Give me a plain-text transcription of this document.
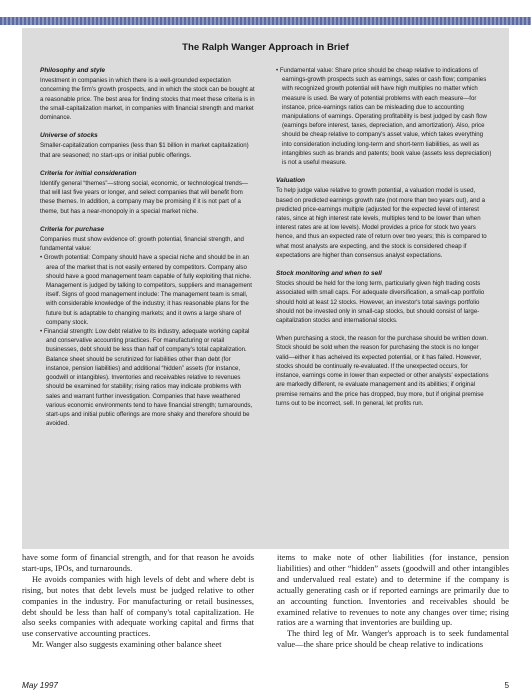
The Ralph Wanger Approach in Brief
Philosophy and style
Investment in companies in which there is a well-grounded expectation concerning the firm's growth prospects, and in which the stock can be bought at a reasonable price. The best area for finding stocks that meet these criteria is in the small-capitalization market, in companies with financial strength and market dominance.
Universe of stocks
Smaller-capitalization companies (less than $1 billion in market capitalization) that are seasoned; no start-ups or initial public offerings.
Criteria for initial consideration
Identify general “themes”—strong social, economic, or technological trends—that will last five years or longer, and select companies that will benefit from these themes. In addition, a company may be promising if it is not part of a theme, but has a near-monopoly in a special market niche.
Criteria for purchase
Companies must show evidence of: growth potential, financial strength, and fundamental value:
• Growth potential: Company should have a special niche and should be in an area of the market that is not easily entered by competitors. Company also should have a good management team capable of fully exploiting that niche. Management is judged by talking to competitors, suppliers and management itself. Signs of good management include: The management team is small, with considerable knowledge of the industry; it has reasonable plans for the future but is adaptable to changing markets; and it owns a large share of company stock.
• Financial strength: Low debt relative to its industry, adequate working capital and conservative accounting practices. For manufacturing or retail businesses, debt should be less than half of company's total capitalization. Balance sheet should be scrutinized for liabilities other than debt (for instance, pension liabilities) and additional “hidden” assets (for instance, goodwill or intangibles). Inventories and receivables relative to revenues should be examined for stability; rising ratios may indicate problems with sales and warrant further investigation. Companies that have weathered various economic environments tend to have financial strength; turnarounds, start-ups and initial public offerings are more shaky and therefore should be avoided.
• Fundamental value: Share price should be cheap relative to indications of earnings-growth prospects such as earnings, sales or cash flow; companies with recognized growth potential will have high multiples no matter which measure is used. Be wary of potential problems with each measure—for instance, price-earnings ratios can be misleading due to accounting manipulations of earnings. Operating profitability is best judged by cash flow (earnings before interest, taxes, depreciation, and amortization). Also, price should be cheap relative to company's asset value, which takes everything into consideration including long-term and short-term liabilities, as well as intangibles such as brands and patents; book value (assets less depreciation) is not a useful measure.
Valuation
To help judge value relative to growth potential, a valuation model is used, based on predicted earnings growth rate (not more than two years out), and a predicted price-earnings multiple (adjusted for the expected level of interest rates, since at high interest rate levels, multiples tend to be lower than when interest rates are at low levels). Model provides a price for stock two years hence, and thus an expected rate of return over two years; this is compared to what most analysts are expecting, and the stock is considered cheap if expectations are higher than consensus analyst expectations.
Stock monitoring and when to sell
Stocks should be held for the long term, particularly given high trading costs associated with small caps. For adequate diversification, a small-cap portfolio should hold at least 12 stocks. However, an investor's total savings portfolio should not be invested only in small-cap stocks, but should consist of large-capitalization stocks and international stocks.
When purchasing a stock, the reason for the purchase should be written down. Stock should be sold when the reason for purchasing the stock is no longer valid—either it has acheived its expected potential, or it has failed. However, stocks should be continually re-evaluated. If the unexpected occurs, for instance, earnings come in lower than expected or other analysts' expectations are markedly different, re evaluate management and its abilities; if original premise remains and the price has dropped, buy more, but if original premise turns out to be incorrect, sell. In general, let profits run.

have some form of financial strength, and for that reason he avoids start-ups, IPOs, and turnarounds.

He avoids companies with high levels of debt and where debt is rising, but notes that debt levels must be judged relative to other companies in the industry. For manufacturing or retail businesses, debt should be less than half of company's total capitalization. He also seeks companies with adequate working capital and firms that use conservative accounting practices.

Mr. Wanger also suggests examining other balance sheet

items to make note of other liabilities (for instance, pension liabilities) and other “hidden” assets (goodwill and other intangibles and undervalued real estate) and to determine if the company is actually generating cash or if reported earnings are primarily due to an accounting function. Inventories and receivables should be examined relative to revenues to note any changes over time; rising ratios are a warning that inventories are building up.

The third leg of Mr. Wanger's approach is to seek fundamental value—the share price should be cheap relative to indications

May 1997	5
